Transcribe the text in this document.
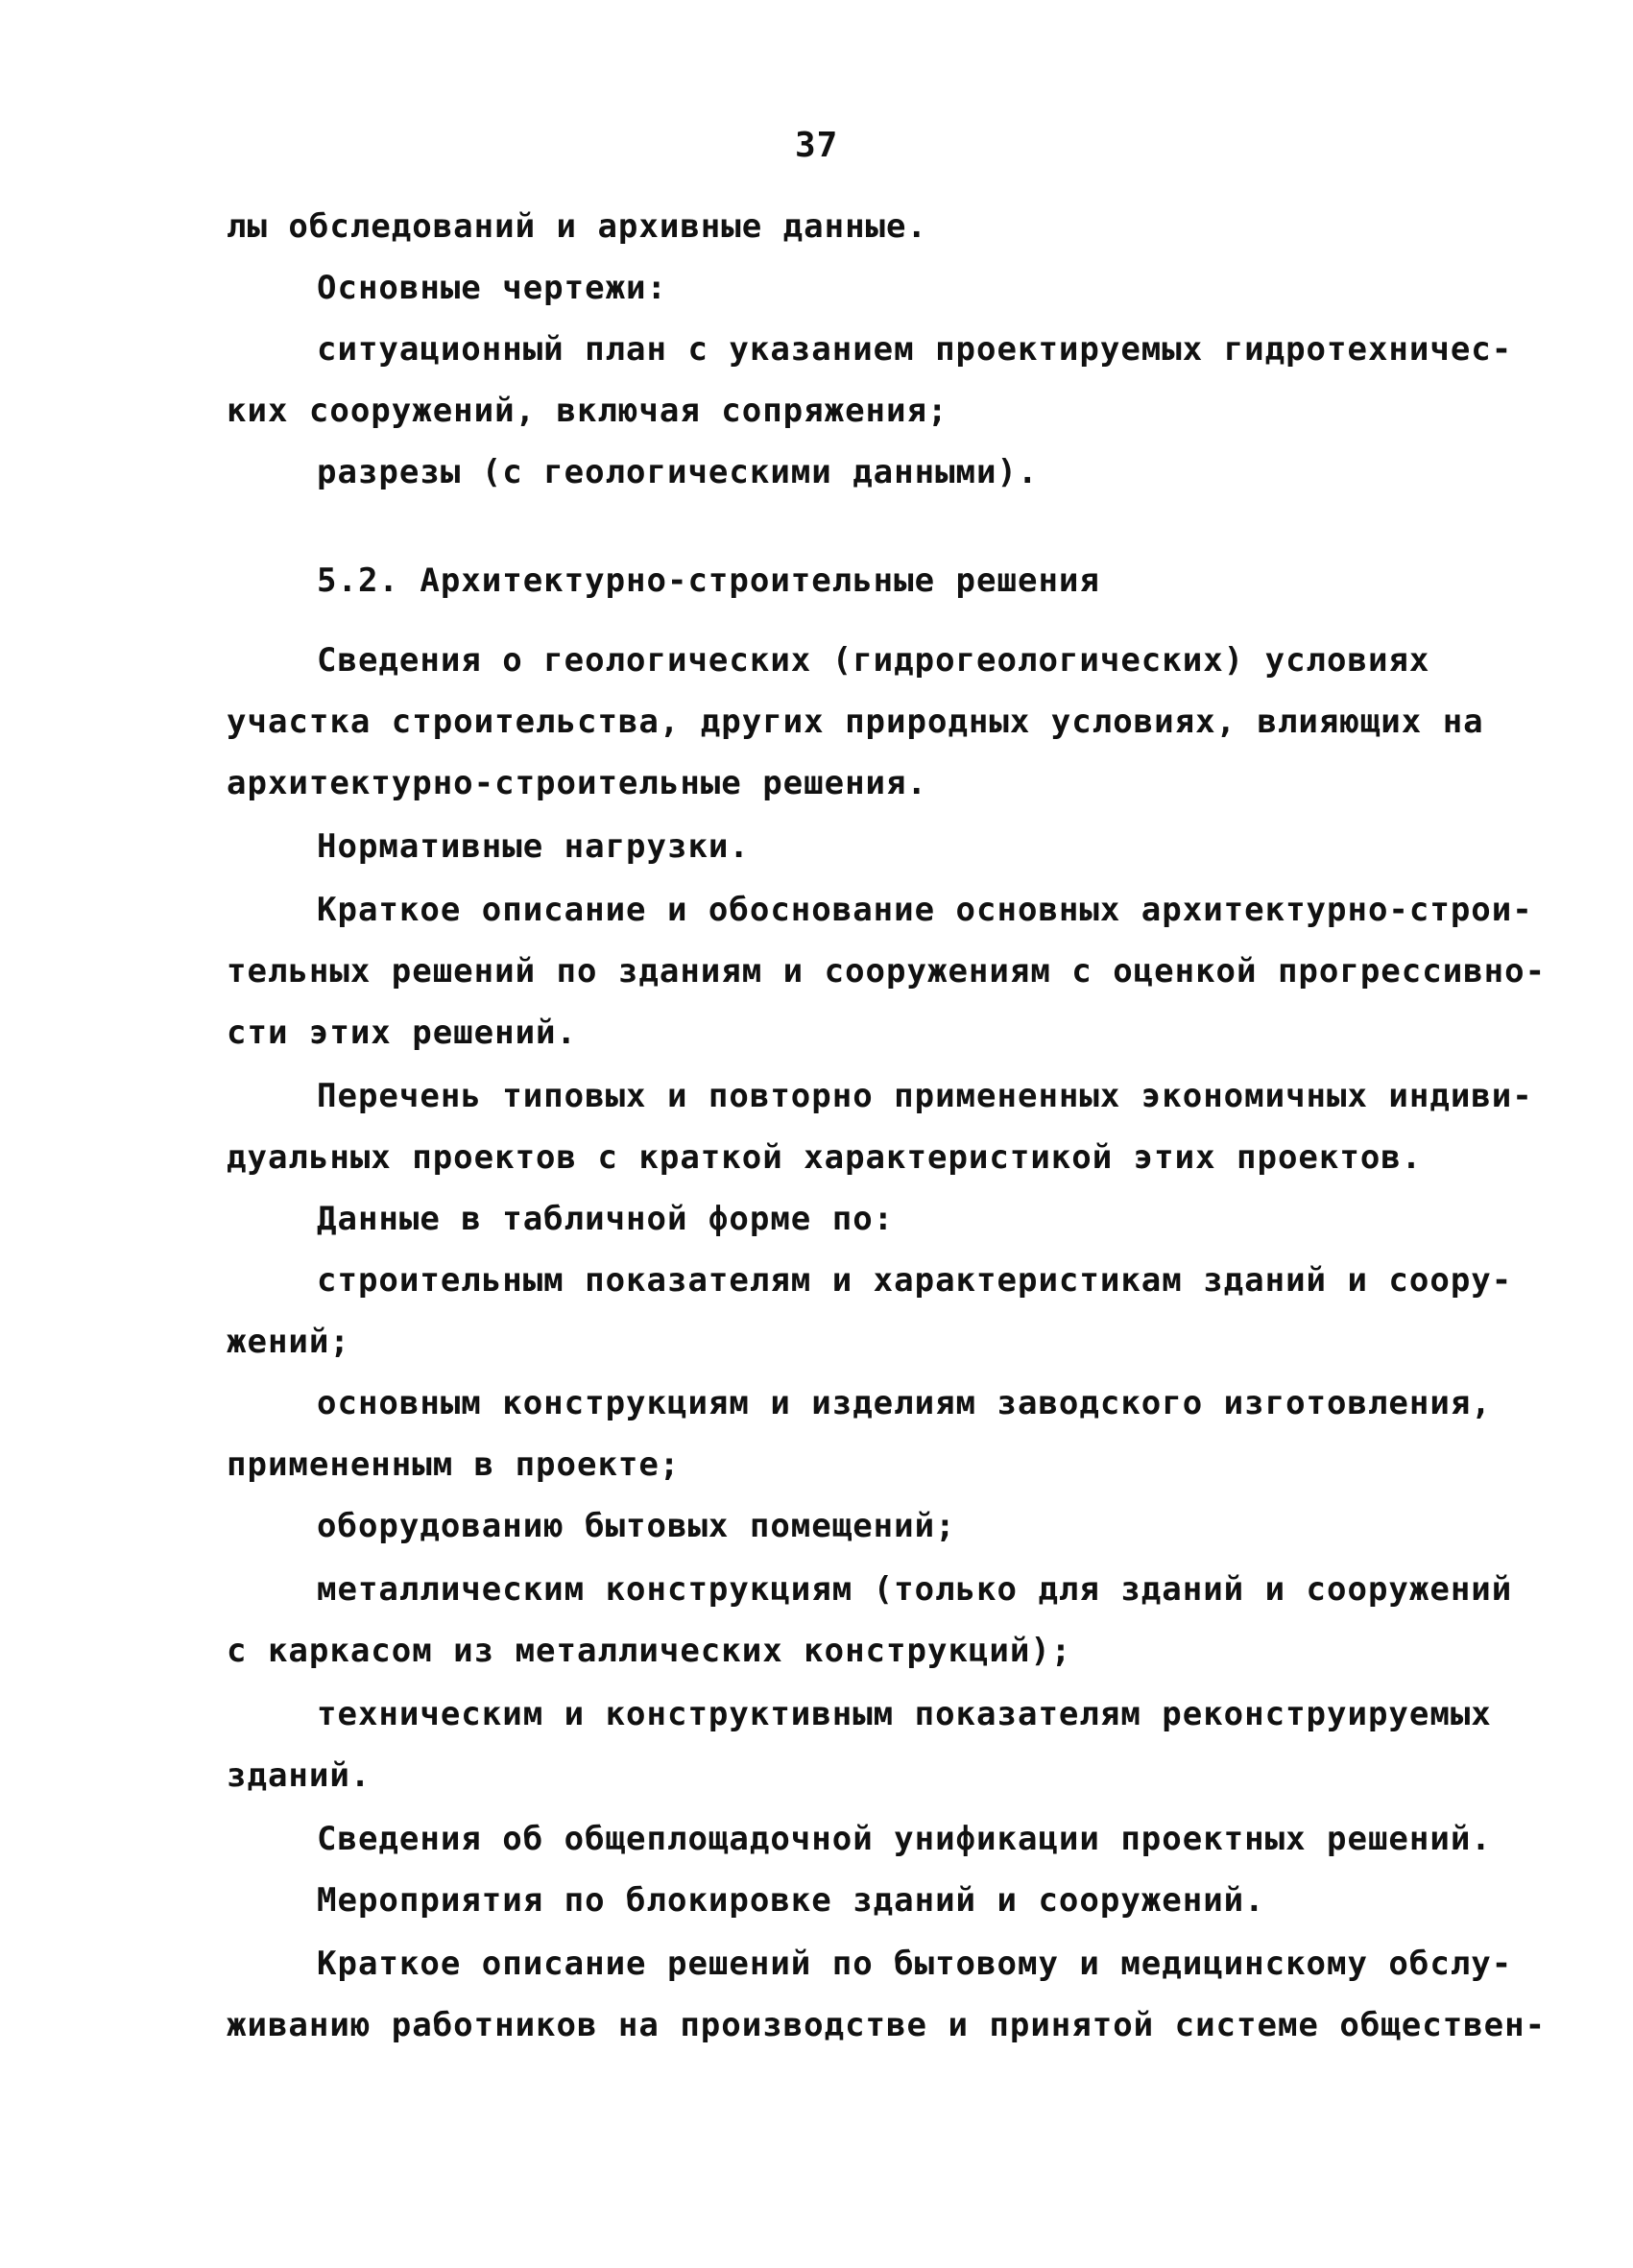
37
лы обследований и архивные данные.
Основные чертежи:
ситуационный план с указанием проектируемых гидротехничес-
ких сооружений, включая сопряжения;
разрезы (с геологическими данными).
5.2. Архитектурно-строительные решения
Сведения о геологических (гидрогеологических) условиях
участка строительства, других природных условиях, влияющих на
архитектурно-строительные решения.
Нормативные нагрузки.
Краткое описание и обоснование основных архитектурно-строи-
тельных решений по зданиям и сооружениям с оценкой прогрессивно-
сти этих решений.
Перечень типовых и повторно примененных экономичных индиви-
дуальных проектов с краткой характеристикой этих проектов.
Данные в табличной форме по:
строительным показателям и характеристикам зданий и соору-
жений;
основным конструкциям и изделиям заводского изготовления,
примененным в проекте;
оборудованию бытовых помещений;
металлическим конструкциям (только для зданий и сооружений
с каркасом из металлических конструкций);
техническим и конструктивным показателям реконструируемых
зданий.
Сведения об общеплощадочной унификации проектных решений.
Мероприятия по блокировке зданий и сооружений.
Краткое описание решений по бытовому и медицинскому обслу-
живанию работников на производстве и принятой системе обществен-
